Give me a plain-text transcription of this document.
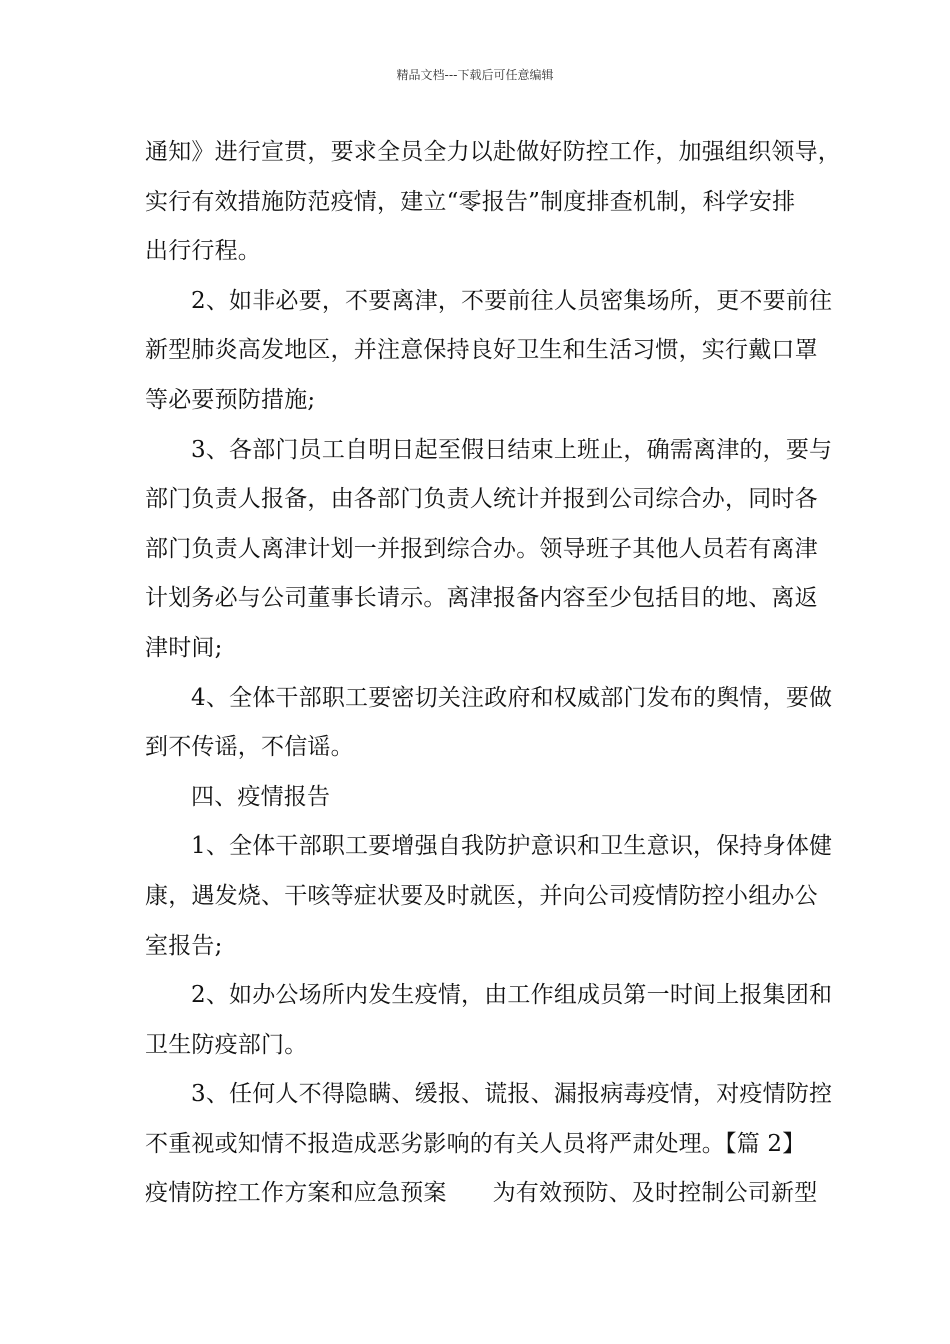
精品文档---下载后可任意编辑
通知》进行宣贯，要求全员全力以赴做好防控工作，加强组织领导，
实行有效措施防范疫情，建立“零报告”制度排查机制，科学安排
出行行程。
2、如非必要，不要离津，不要前往人员密集场所，更不要前往
新型肺炎高发地区，并注意保持良好卫生和生活习惯，实行戴口罩
等必要预防措施;
3、各部门员工自明日起至假日结束上班止，确需离津的，要与
部门负责人报备，由各部门负责人统计并报到公司综合办，同时各
部门负责人离津计划一并报到综合办。领导班子其他人员若有离津
计划务必与公司董事长请示。离津报备内容至少包括目的地、离返
津时间;
4、全体干部职工要密切关注政府和权威部门发布的舆情，要做
到不传谣，不信谣。
四、疫情报告
1、全体干部职工要增强自我防护意识和卫生意识，保持身体健
康，遇发烧、干咳等症状要及时就医，并向公司疫情防控小组办公
室报告;
2、如办公场所内发生疫情，由工作组成员第一时间上报集团和
卫生防疫部门。
3、任何人不得隐瞒、缓报、谎报、漏报病毒疫情，对疫情防控
不重视或知情不报造成恶劣影响的有关人员将严肃处理。【篇 2】
疫情防控工作方案和应急预案 为有效预防、及时控制公司新型
